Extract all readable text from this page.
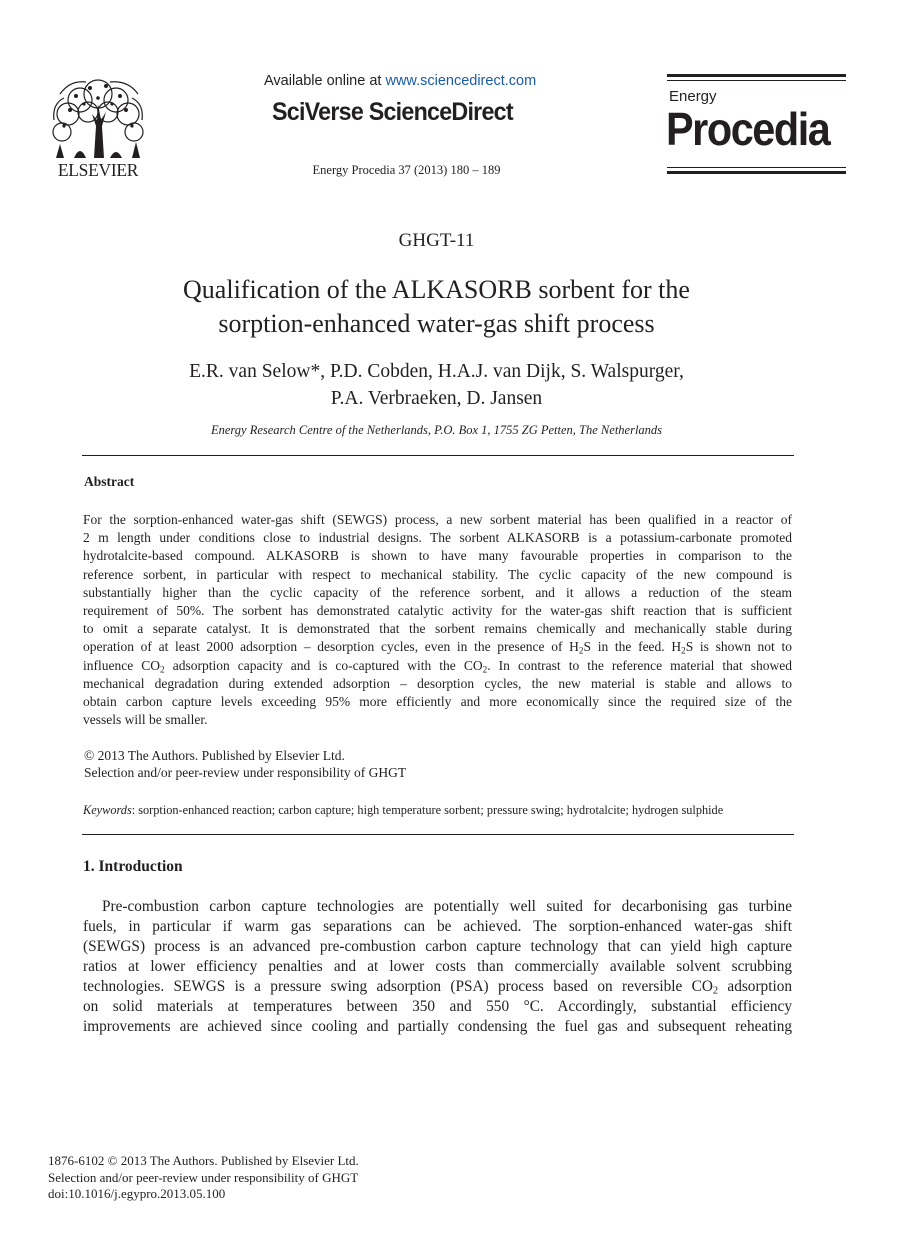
ELSEVIER
Available online at www.sciencedirect.com
SciVerse ScienceDirect
Energy Procedia 37 (2013) 180 – 189
Energy
Procedia
GHGT-11
Qualification of the ALKASORB sorbent for the
sorption-enhanced water-gas shift process
E.R. van Selow*, P.D. Cobden, H.A.J. van Dijk, S. Walspurger,
P.A. Verbraeken, D. Jansen
Energy Research Centre of the Netherlands, P.O. Box 1, 1755 ZG Petten, The Netherlands
Abstract
For the sorption-enhanced water-gas shift (SEWGS) process, a new sorbent material has been qualified in a reactor of
2 m length under conditions close to industrial designs. The sorbent ALKASORB is a potassium-carbonate promoted
hydrotalcite-based compound. ALKASORB is shown to have many favourable properties in comparison to the
reference sorbent, in particular with respect to mechanical stability. The cyclic capacity of the new compound is
substantially higher than the cyclic capacity of the reference sorbent, and it allows a reduction of the steam
requirement of 50%. The sorbent has demonstrated catalytic activity for the water-gas shift reaction that is sufficient
to omit a separate catalyst. It is demonstrated that the sorbent remains chemically and mechanically stable during
operation of at least 2000 adsorption – desorption cycles, even in the presence of $H_2S$ in the feed. $H_2S$ is shown not to
influence $CO_2$ adsorption capacity and is co-captured with the $CO_2$. In contrast to the reference material that showed
mechanical degradation during extended adsorption – desorption cycles, the new material is stable and allows to
obtain carbon capture levels exceeding 95% more efficiently and more economically since the required size of the
vessels will be smaller.
© 2013 The Authors. Published by Elsevier Ltd.
Selection and/or peer-review under responsibility of GHGT
Keywords: sorption-enhanced reaction; carbon capture; high temperature sorbent; pressure swing; hydrotalcite; hydrogen sulphide
1. Introduction
Pre-combustion carbon capture technologies are potentially well suited for decarbonising gas turbine
fuels, in particular if warm gas separations can be achieved. The sorption-enhanced water-gas shift
(SEWGS) process is an advanced pre-combustion carbon capture technology that can yield high capture
ratios at lower efficiency penalties and at lower costs than commercially available solvent scrubbing
technologies. SEWGS is a pressure swing adsorption (PSA) process based on reversible $CO_2$ adsorption
on solid materials at temperatures between 350 and 550 °C. Accordingly, substantial efficiency
improvements are achieved since cooling and partially condensing the fuel gas and subsequent reheating
1876-6102 © 2013 The Authors. Published by Elsevier Ltd.
Selection and/or peer-review under responsibility of GHGT
doi:10.1016/j.egypro.2013.05.100
